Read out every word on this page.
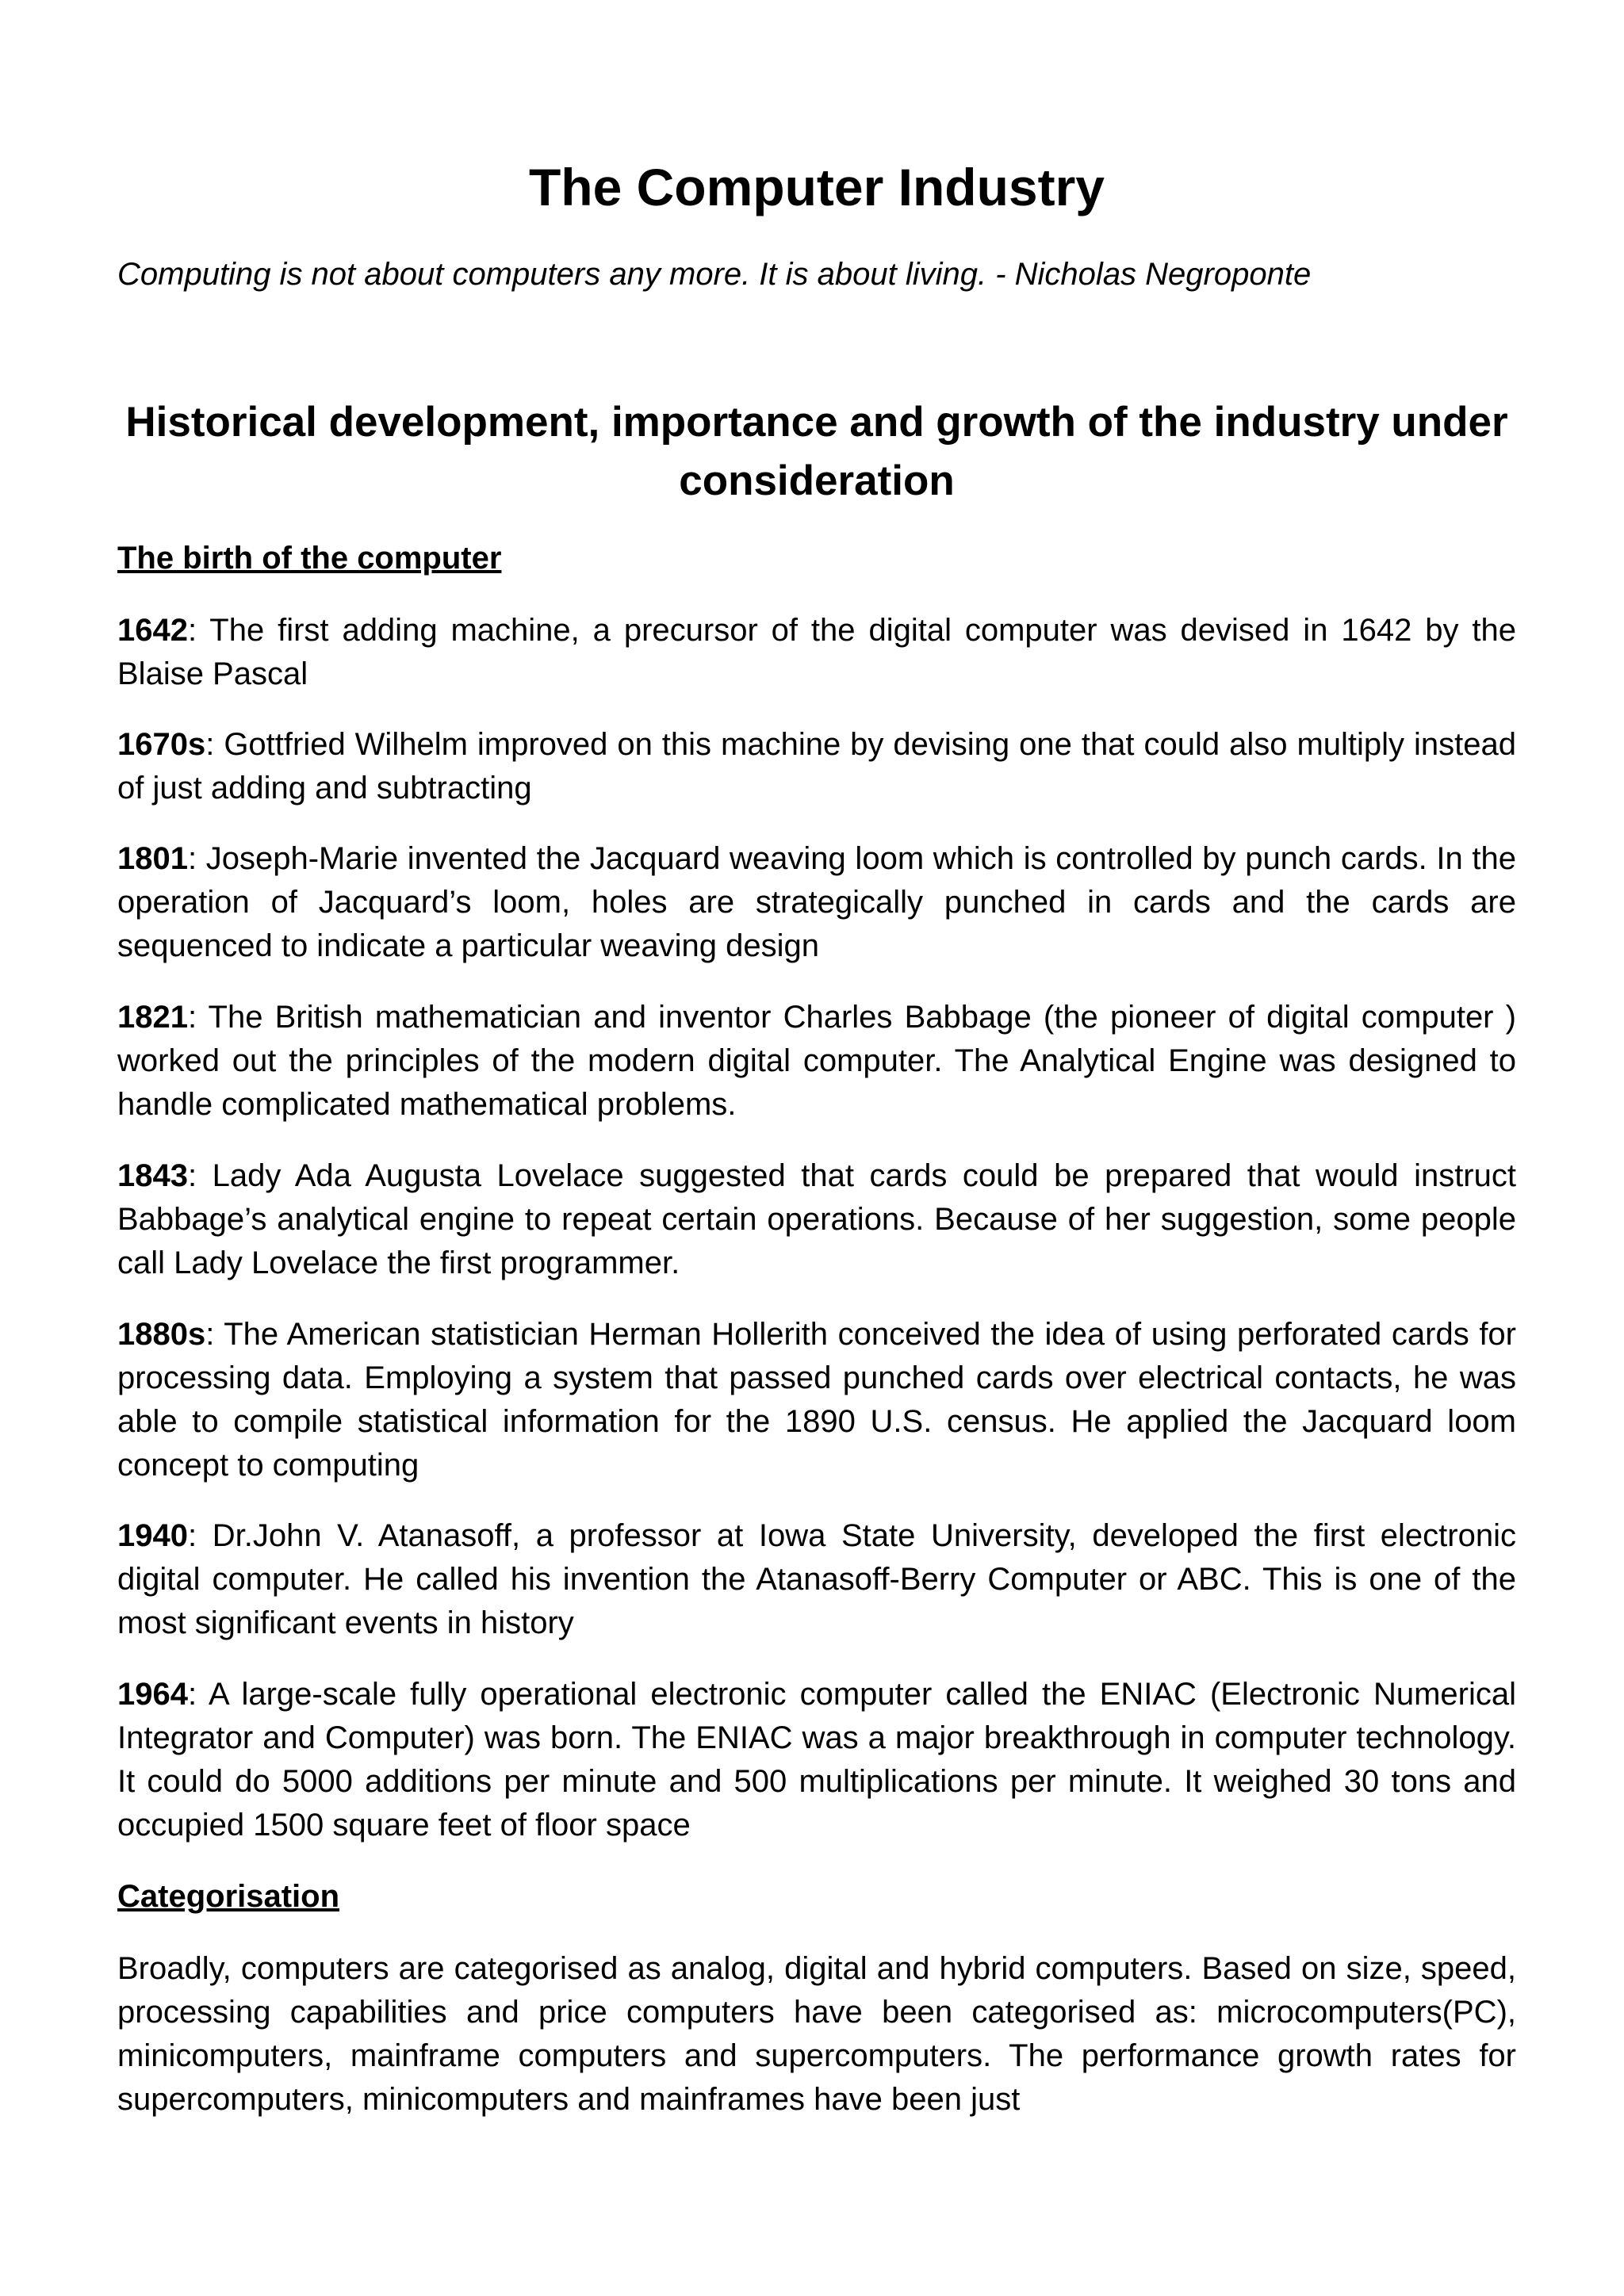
The Computer Industry

Computing is not about computers any more. It is about living. - Nicholas Negroponte

Historical development, importance and growth of the industry under consideration

The birth of the computer

1642: The first adding machine, a precursor of the digital computer was devised in 1642 by the Blaise Pascal

1670s: Gottfried Wilhelm improved on this machine by devising one that could also multiply instead of just adding and subtracting

1801: Joseph-Marie invented the Jacquard weaving loom which is controlled by punch cards. In the operation of Jacquard’s loom, holes are strategically punched in cards and the cards are sequenced to indicate a particular weaving design

1821: The British mathematician and inventor Charles Babbage (the pioneer of digital computer ) worked out the principles of the modern digital computer. The Analytical Engine was designed to handle complicated mathematical problems.

1843: Lady Ada Augusta Lovelace suggested that cards could be prepared that would instruct Babbage’s analytical engine to repeat certain operations. Because of her suggestion, some people call Lady Lovelace the first programmer.

1880s: The American statistician Herman Hollerith conceived the idea of using perforated cards for processing data. Employing a system that passed punched cards over electrical contacts, he was able to compile statistical information for the 1890 U.S. census. He applied the Jacquard loom concept to computing

1940: Dr.John V. Atanasoff, a professor at Iowa State University, developed the first electronic digital computer. He called his invention the Atanasoff-Berry Computer or ABC. This is one of the most significant events in history

1964: A large-scale fully operational electronic computer called the ENIAC (Electronic Numerical Integrator and Computer) was born. The ENIAC was a major breakthrough in computer technology. It could do 5000 additions per minute and 500 multiplications per minute. It weighed 30 tons and occupied 1500 square feet of floor space

Categorisation

Broadly, computers are categorised as analog, digital and hybrid computers. Based on size, speed, processing capabilities and price computers have been categorised as: microcomputers(PC), minicomputers, mainframe computers and supercomputers. The performance growth rates for supercomputers, minicomputers and mainframes have been just
